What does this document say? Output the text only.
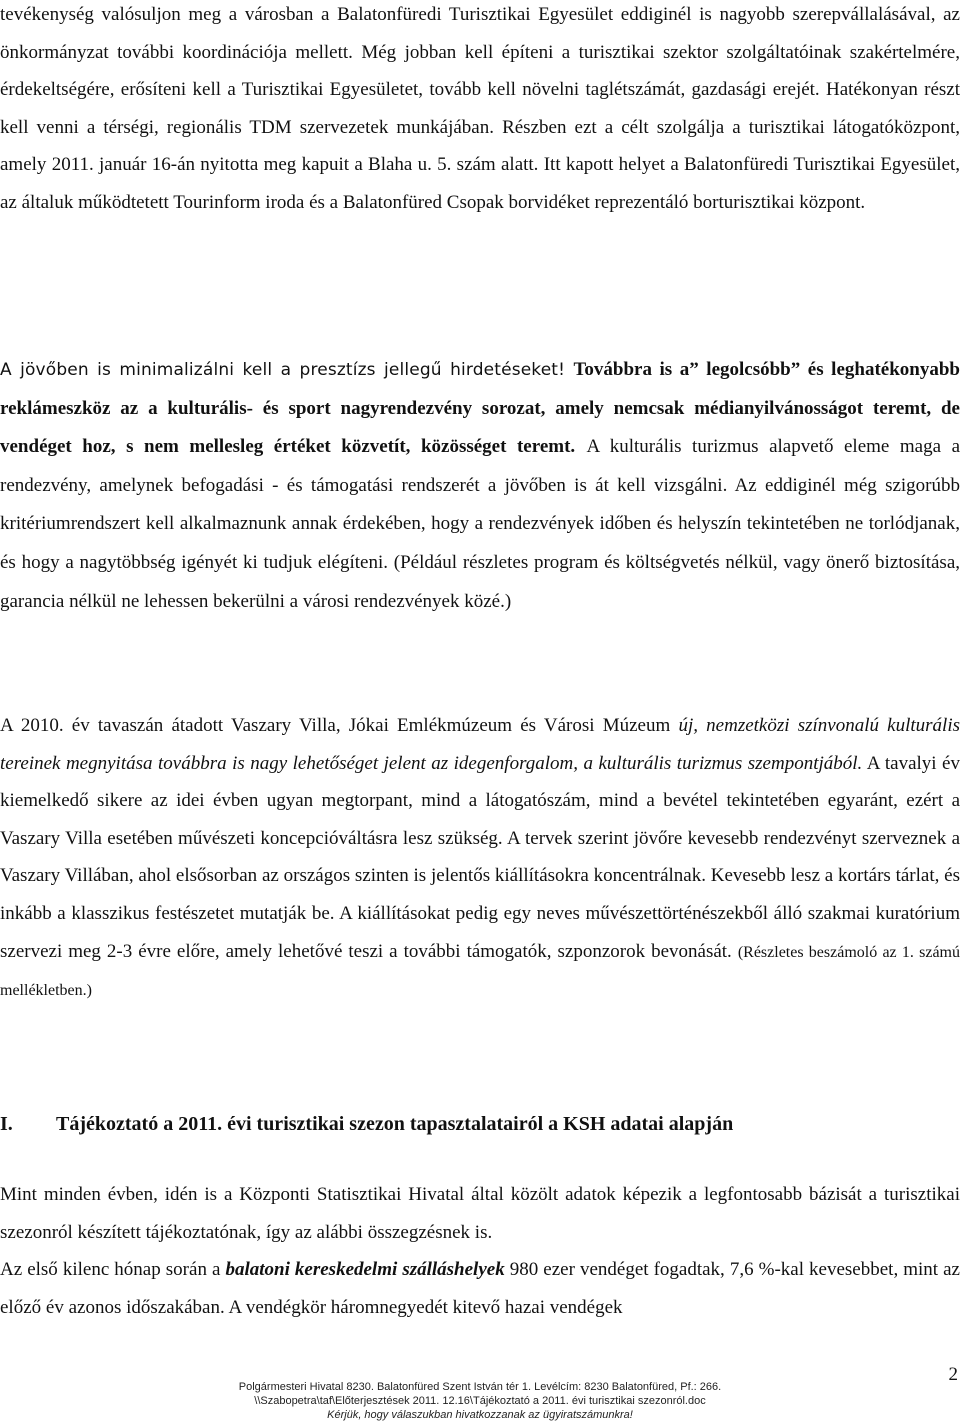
tevékenység valósuljon meg a városban a Balatonfüredi Turisztikai Egyesület eddiginél is nagyobb szerepvállalásával, az önkormányzat további koordinációja mellett. Még jobban kell építeni a turisztikai szektor szolgáltatóinak szakértelmére, érdekeltségére, erősíteni kell a Turisztikai Egyesületet, tovább kell növelni taglétszámát, gazdasági erejét. Hatékonyan részt kell venni a térségi, regionális TDM szervezetek munkájában. Részben ezt a célt szolgálja a turisztikai látogatóközpont, amely 2011. január 16-án nyitotta meg kapuit a Blaha u. 5. szám alatt. Itt kapott helyet a Balatonfüredi Turisztikai Egyesület, az általuk működtetett Tourinform iroda és a Balatonfüred Csopak borvidéket reprezentáló borturisztikai központ.

A jövőben is minimalizálni kell a presztízs jellegű hirdetéseket! Továbbra is a” legolcsóbb” és leghatékonyabb reklámeszköz az a kulturális- és sport nagyrendezvény sorozat, amely nemcsak médianyilvánosságot teremt, de vendéget hoz, s nem mellesleg értéket közvetít, közösséget teremt. A kulturális turizmus alapvető eleme maga a rendezvény, amelynek befogadási - és támogatási rendszerét a jövőben is át kell vizsgálni. Az eddiginél még szigorúbb kritériumrendszert kell alkalmaznunk annak érdekében, hogy a rendezvények időben és helyszín tekintetében ne torlódjanak, és hogy a nagytöbbség igényét ki tudjuk elégíteni. (Például részletes program és költségvetés nélkül, vagy önerő biztosítása, garancia nélkül ne lehessen bekerülni a városi rendezvények közé.)

A 2010. év tavaszán átadott Vaszary Villa, Jókai Emlékmúzeum és Városi Múzeum új, nemzetközi színvonalú kulturális tereinek megnyitása továbbra is nagy lehetőséget jelent az idegenforgalom, a kulturális turizmus szempontjából. A tavalyi év kiemelkedő sikere az idei évben ugyan megtorpant, mind a látogatószám, mind a bevétel tekintetében egyaránt, ezért a Vaszary Villa esetében művészeti koncepcióváltásra lesz szükség. A tervek szerint jövőre kevesebb rendezvényt szerveznek a Vaszary Villában, ahol elsősorban az országos szinten is jelentős kiállításokra koncentrálnak. Kevesebb lesz a kortárs tárlat, és inkább a klasszikus festészetet mutatják be. A kiállításokat pedig egy neves művészettörténészekből álló szakmai kuratórium szervezi meg 2-3 évre előre, amely lehetővé teszi a további támogatók, szponzorok bevonását. (Részletes beszámoló az 1. számú mellékletben.)

I. Tájékoztató a 2011. évi turisztikai szezon tapasztalatairól a KSH adatai alapján

Mint minden évben, idén is a Központi Statisztikai Hivatal által közölt adatok képezik a legfontosabb bázisát a turisztikai szezonról készített tájékoztatónak, így az alábbi összegzésnek is.

Az első kilenc hónap során a balatoni kereskedelmi szálláshelyek 980 ezer vendéget fogadtak, 7,6 %-kal kevesebbet, mint az előző év azonos időszakában. A vendégkör háromnegyedét kitevő hazai vendégek

2
Polgármesteri Hivatal 8230. Balatonfüred Szent István tér 1. Levélcím: 8230 Balatonfüred, Pf.: 266.
\\Szabopetra\taf\Előterjesztések 2011. 12.16\Tájékoztató a 2011. évi turisztikai szezonról.doc
Kérjük, hogy válaszukban hivatkozzanak az ügyiratszámunkra!
